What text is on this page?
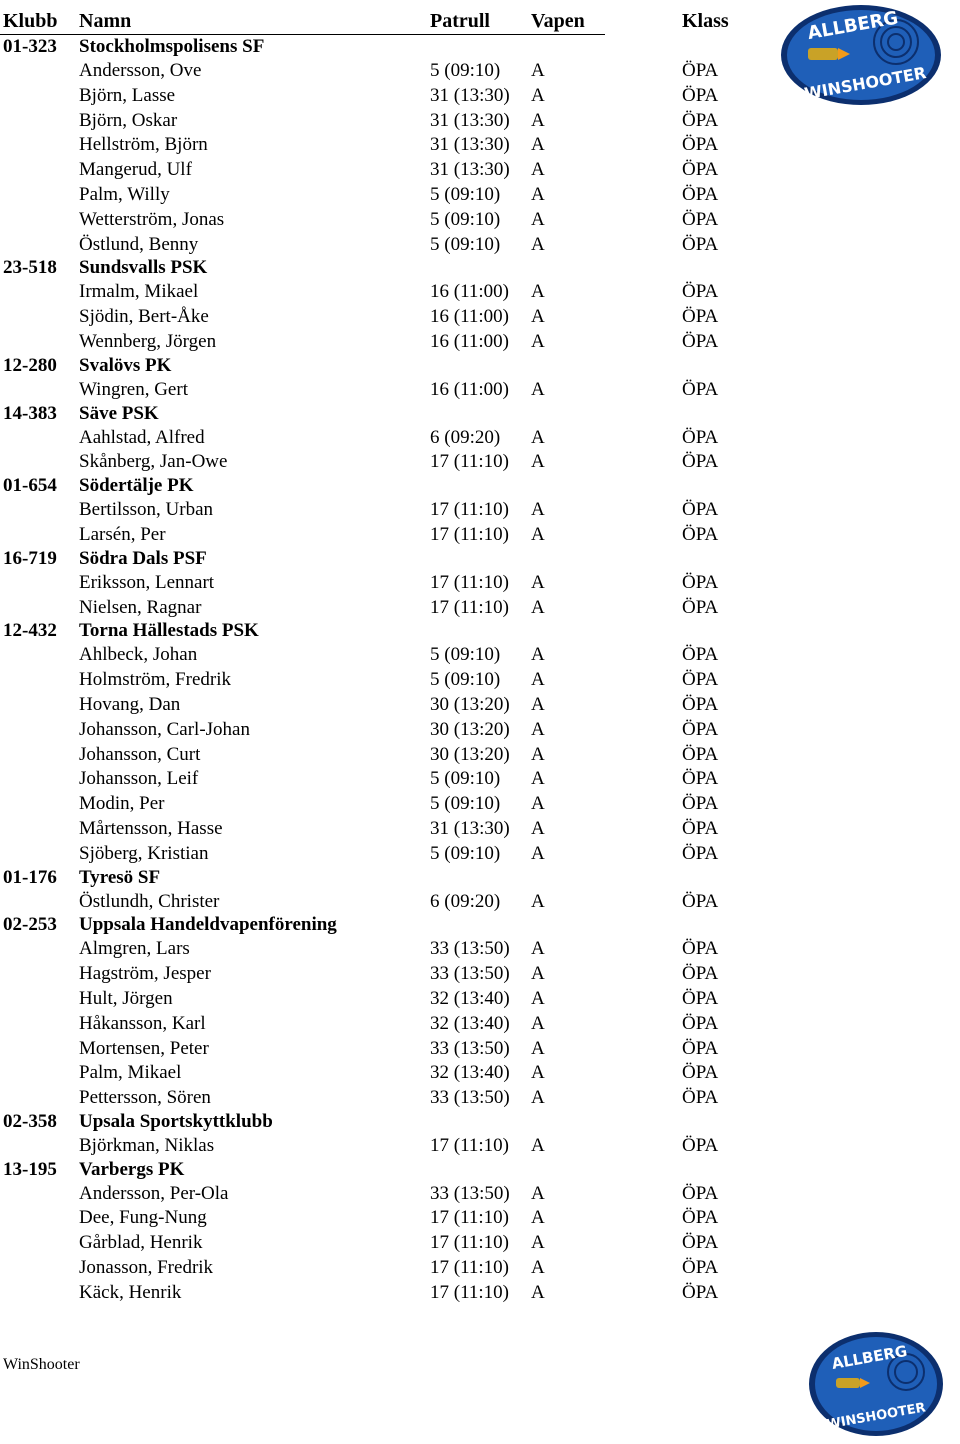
Klubb Namn	Patrull Vapen	Klass
01-323 Stockholmspolisens SF
Andersson, Ove	5 (09:10) A	ÖPA
Björn, Lasse	31 (13:30) A	ÖPA
Björn, Oskar	31 (13:30) A	ÖPA
Hellström, Björn	31 (13:30) A	ÖPA
Mangerud, Ulf	31 (13:30) A	ÖPA
Palm, Willy	5 (09:10) A	ÖPA
Wetterström, Jonas	5 (09:10) A	ÖPA
Östlund, Benny	5 (09:10) A	ÖPA
23-518 Sundsvalls PSK
Irmalm, Mikael	16 (11:00) A	ÖPA
Sjödin, Bert-Åke	16 (11:00) A	ÖPA
Wennberg, Jörgen	16 (11:00) A	ÖPA
12-280 Svalövs PK
Wingren, Gert	16 (11:00) A	ÖPA
14-383 Säve PSK
Aahlstad, Alfred	6 (09:20) A	ÖPA
Skånberg, Jan-Owe	17 (11:10) A	ÖPA
01-654 Södertälje PK
Bertilsson, Urban	17 (11:10) A	ÖPA
Larsén, Per	17 (11:10) A	ÖPA
16-719 Södra Dals PSF
Eriksson, Lennart	17 (11:10) A	ÖPA
Nielsen, Ragnar	17 (11:10) A	ÖPA
12-432 Torna Hällestads PSK
Ahlbeck, Johan	5 (09:10) A	ÖPA
Holmström, Fredrik	5 (09:10) A	ÖPA
Hovang, Dan	30 (13:20) A	ÖPA
Johansson, Carl-Johan	30 (13:20) A	ÖPA
Johansson, Curt	30 (13:20) A	ÖPA
Johansson, Leif	5 (09:10) A	ÖPA
Modin, Per	5 (09:10) A	ÖPA
Mårtensson, Hasse	31 (13:30) A	ÖPA
Sjöberg, Kristian	5 (09:10) A	ÖPA
01-176 Tyresö SF
Östlundh, Christer	6 (09:20) A	ÖPA
02-253 Uppsala Handeldvapenförening
Almgren, Lars	33 (13:50) A	ÖPA
Hagström, Jesper	33 (13:50) A	ÖPA
Hult, Jörgen	32 (13:40) A	ÖPA
Håkansson, Karl	32 (13:40) A	ÖPA
Mortensen, Peter	33 (13:50) A	ÖPA
Palm, Mikael	32 (13:40) A	ÖPA
Pettersson, Sören	33 (13:50) A	ÖPA
02-358 Upsala Sportskyttklubb
Björkman, Niklas	17 (11:10) A	ÖPA
13-195 Varbergs PK
Andersson, Per-Ola	33 (13:50) A	ÖPA
Dee, Fung-Nung	17 (11:10) A	ÖPA
Gårblad, Henrik	17 (11:10) A	ÖPA
Jonasson, Fredrik	17 (11:10) A	ÖPA
Käck, Henrik	17 (11:10) A	ÖPA
ALLBERG
WINSHOOTER
ALLBERG
WINSHOOTER
WinShooter
